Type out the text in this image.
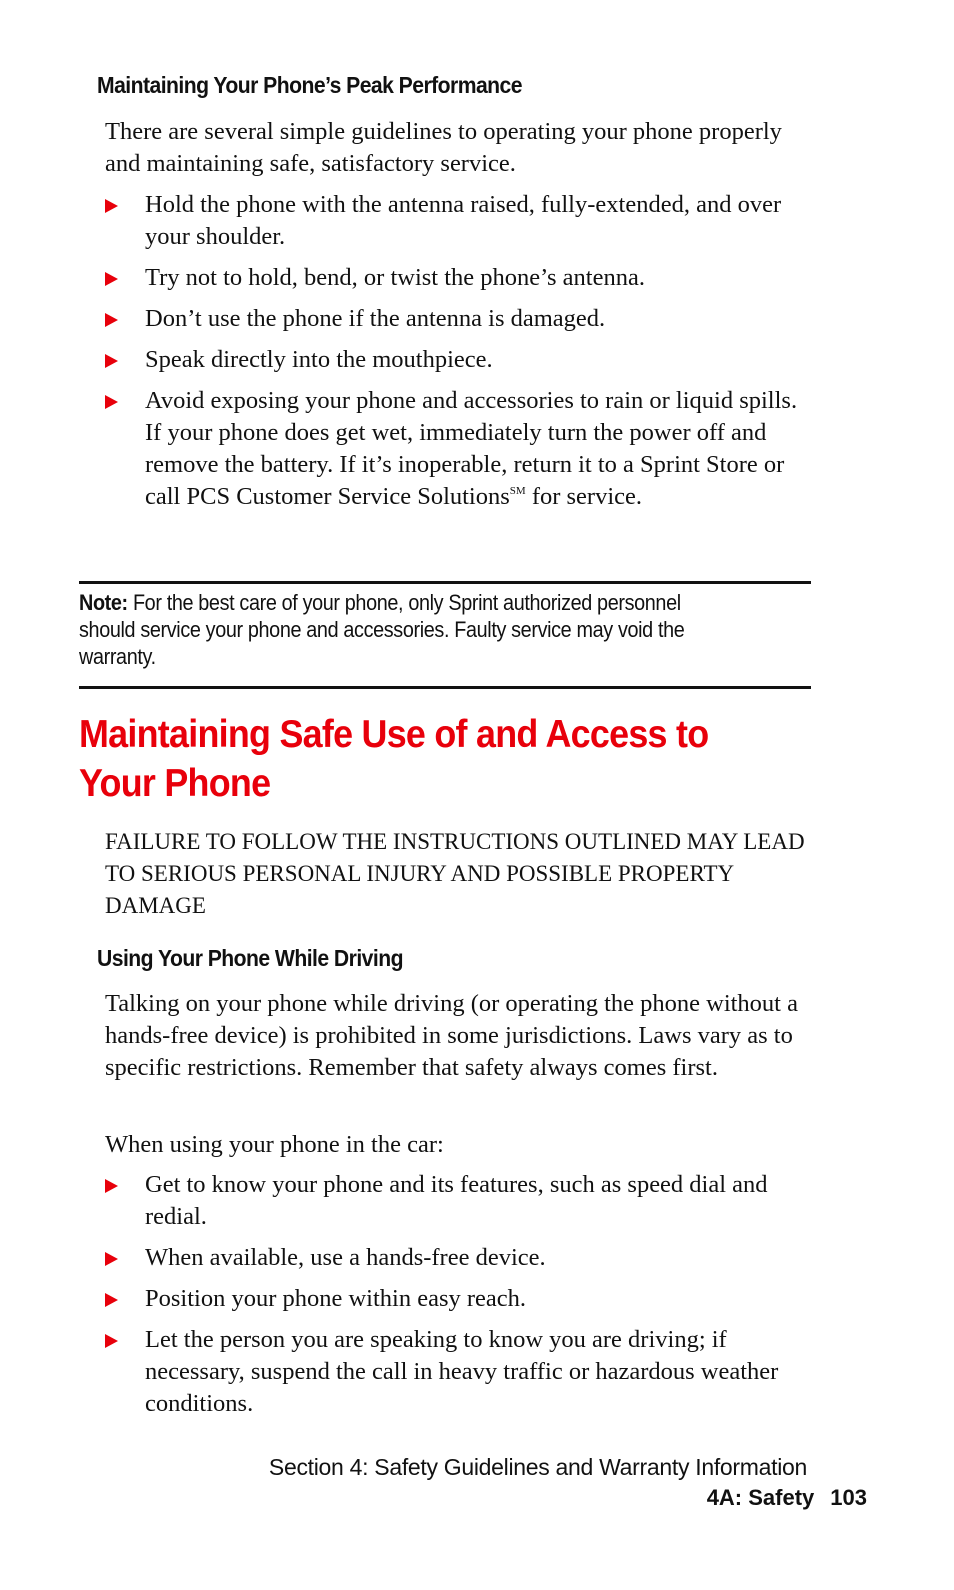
Maintaining Your Phone’s Peak Performance

There are several simple guidelines to operating your phone properly and maintaining safe, satisfactory service.

Hold the phone with the antenna raised, fully-extended, and over your shoulder.
Try not to hold, bend, or twist the phone’s antenna.
Don’t use the phone if the antenna is damaged.
Speak directly into the mouthpiece.
Avoid exposing your phone and accessories to rain or liquid spills. If your phone does get wet, immediately turn the power off and remove the battery. If it’s inoperable, return it to a Sprint Store or call PCS Customer Service Solutions℠ for service.

Note: For the best care of your phone, only Sprint authorized personnel should service your phone and accessories. Faulty service may void the warranty.

Maintaining Safe Use of and Access to Your Phone

FAILURE TO FOLLOW THE INSTRUCTIONS OUTLINED MAY LEAD TO SERIOUS PERSONAL INJURY AND POSSIBLE PROPERTY DAMAGE

Using Your Phone While Driving

Talking on your phone while driving (or operating the phone without a hands-free device) is prohibited in some jurisdictions. Laws vary as to specific restrictions. Remember that safety always comes first.

When using your phone in the car:

Get to know your phone and its features, such as speed dial and redial.
When available, use a hands-free device.
Position your phone within easy reach.
Let the person you are speaking to know you are driving; if necessary, suspend the call in heavy traffic or hazardous weather conditions.

Section 4: Safety Guidelines and Warranty Information

4A: Safety 103
